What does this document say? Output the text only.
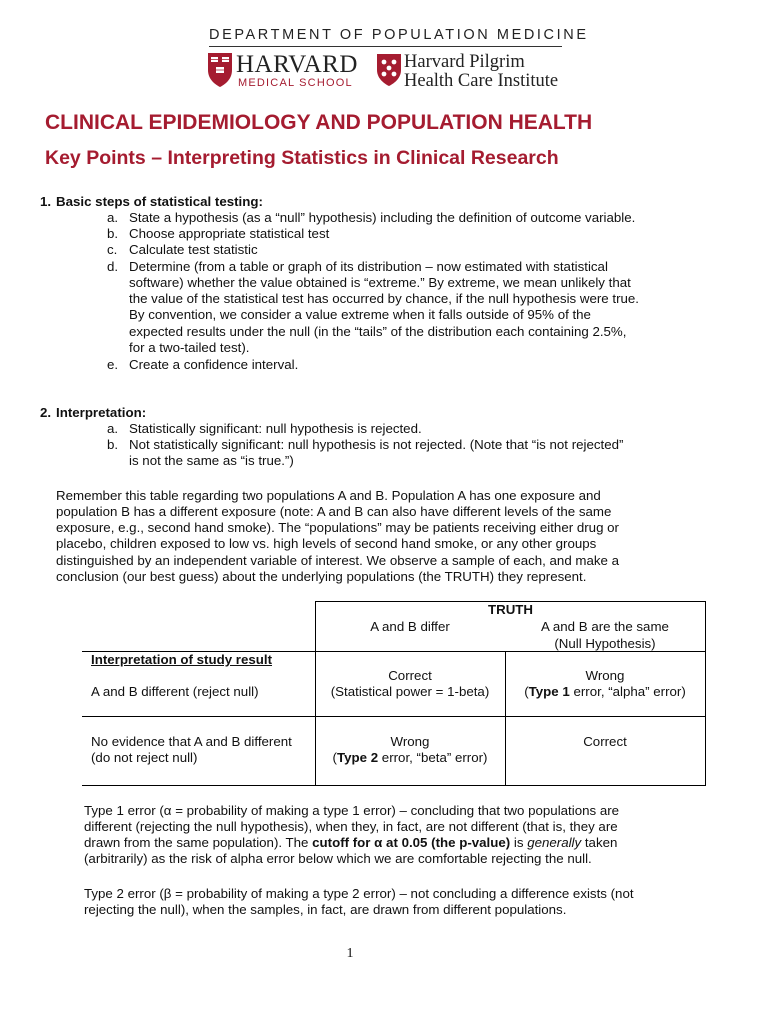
DEPARTMENT OF POPULATION MEDICINE
HARVARD
MEDICAL SCHOOL
Harvard Pilgrim
Health Care Institute
CLINICAL EPIDEMIOLOGY AND POPULATION HEALTH
Key Points – Interpreting Statistics in Clinical Research
1. Basic steps of statistical testing:
a. State a hypothesis (as a “null” hypothesis) including the definition of outcome variable.
b. Choose appropriate statistical test
c. Calculate test statistic
d. Determine (from a table or graph of its distribution – now estimated with statistical
software) whether the value obtained is “extreme.” By extreme, we mean unlikely that
the value of the statistical test has occurred by chance, if the null hypothesis were true.
By convention, we consider a value extreme when it falls outside of 95% of the
expected results under the null (in the “tails” of the distribution each containing 2.5%,
for a two-tailed test).
e. Create a confidence interval.
2. Interpretation:
a. Statistically significant: null hypothesis is rejected.
b. Not statistically significant: null hypothesis is not rejected. (Note that “is not rejected”
is not the same as “is true.”)
Remember this table regarding two populations A and B. Population A has one exposure and
population B has a different exposure (note: A and B can also have different levels of the same
exposure, e.g., second hand smoke). The “populations” may be patients receiving either drug or
placebo, children exposed to low vs. high levels of second hand smoke, or any other groups
distinguished by an independent variable of interest. We observe a sample of each, and make a
conclusion (our best guess) about the underlying populations (the TRUTH) they represent.
TRUTH
A and B differ	A and B are the same
(Null Hypothesis)
Interpretation of study result
A and B different (reject null)
No evidence that A and B different
(do not reject null)
Correct
(Statistical power = 1-beta)
Wrong
(Type 1 error, “alpha” error)
Wrong
(Type 2 error, “beta” error)
Correct
Type 1 error (α = probability of making a type 1 error) – concluding that two populations are
different (rejecting the null hypothesis), when they, in fact, are not different (that is, they are
drawn from the same population). The cutoff for α at 0.05 (the p-value) is generally taken
(arbitrarily) as the risk of alpha error below which we are comfortable rejecting the null.
Type 2 error (β = probability of making a type 2 error) – not concluding a difference exists (not
rejecting the null), when the samples, in fact, are drawn from different populations.
1
